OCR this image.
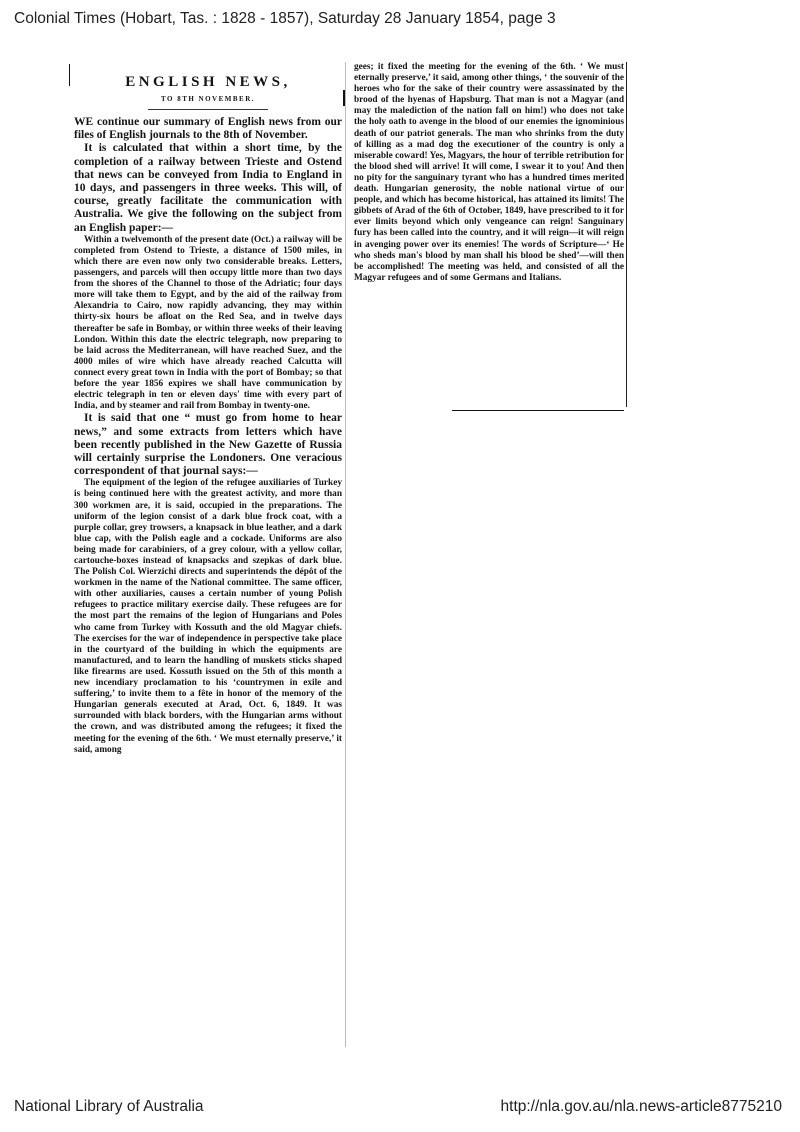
Colonial Times (Hobart, Tas. : 1828 - 1857), Saturday 28 January 1854, page 3
ENGLISH NEWS,
TO 8TH NOVEMBER.

WE continue our summary of English news from our files of English journals to the 8th of November.

It is calculated that within a short time, by the completion of a railway between Trieste and Ostend that news can be conveyed from India to England in 10 days, and passengers in three weeks. This will, of course, greatly facilitate the communication with Australia. We give the following on the subject from an English paper:—

Within a twelvemonth of the present date (Oct.) a railway will be completed from Ostend to Trieste, a distance of 1500 miles, in which there are even now only two considerable breaks. Letters, passengers, and parcels will then occupy little more than two days from the shores of the Channel to those of the Adriatic; four days more will take them to Egypt, and by the aid of the railway from Alexandria to Cairo, now rapidly advancing, they may within thirty-six hours be afloat on the Red Sea, and in twelve days thereafter be safe in Bombay, or within three weeks of their leaving London. Within this date the electric telegraph, now preparing to be laid across the Mediterranean, will have reached Suez, and the 4000 miles of wire which have already reached Calcutta will connect every great town in India with the port of Bombay; so that before the year 1856 expires we shall have communication by electric telegraph in ten or eleven days' time with every part of India, and by steamer and rail from Bombay in twenty-one.

It is said that one “ must go from home to hear news,” and some extracts from letters which have been recently published in the New Gazette of Russia will certainly surprise the Londoners. One veracious correspondent of that journal says:—

The equipment of the legion of the refugee auxiliaries of Turkey is being continued here with the greatest activity, and more than 300 workmen are, it is said, occupied in the preparations. The uniform of the legion consist of a dark blue frock coat, with a purple collar, grey trowsers, a knapsack in blue leather, and a dark blue cap, with the Polish eagle and a cockade. Uniforms are also being made for carabiniers, of a grey colour, with a yellow collar, cartouche-boxes instead of knapsacks and szepkas of dark blue. The Polish Col. Wierzichi directs and superintends the dépôt of the workmen in the name of the National committee. The same officer, with other auxiliaries, causes a certain number of young Polish refugees to practice military exercise daily. These refugees are for the most part the remains of the legion of Hungarians and Poles who came from Turkey with Kossuth and the old Magyar chiefs. The exercises for the war of independence in perspective take place in the courtyard of the building in which the equipments are manufactured, and to learn the handling of muskets sticks shaped like firearms are used. Kossuth issued on the 5th of this month a new incendiary proclamation to his ‘countrymen in exile and suffering,’ to invite them to a fête in honor of the memory of the Hungarian generals executed at Arad, Oct. 6, 1849. It was surrounded with black borders, with the Hungarian arms without the crown, and was distributed among the refugees; it fixed the meeting for the evening of the 6th. ‘ We must eternally preserve,’ it said, among

gees; it fixed the meeting for the evening of the 6th. ‘ We must eternally preserve,’ it said, among other things, ‘ the souvenir of the heroes who for the sake of their country were assassinated by the brood of the hyenas of Hapsburg. That man is not a Magyar (and may the malediction of the nation fall on him!) who does not take the holy oath to avenge in the blood of our enemies the ignominious death of our patriot generals. The man who shrinks from the duty of killing as a mad dog the executioner of the country is only a miserable coward! Yes, Magyars, the hour of terrible retribution for the blood shed will arrive! It will come, I swear it to you! And then no pity for the sanguinary tyrant who has a hundred times merited death. Hungarian generosity, the noble national virtue of our people, and which has become historical, has attained its limits! The gibbets of Arad of the 6th of October, 1849, have prescribed to it for ever limits beyond which only vengeance can reign! Sanguinary fury has been called into the country, and it will reign—it will reign in avenging power over its enemies! The words of Scripture—‘ He who sheds man's blood by man shall his blood be shed’—will then be accomplished! The meeting was held, and consisted of all the Magyar refugees and of some Germans and Italians.

National Library of Australia	http://nla.gov.au/nla.news-article8775210
